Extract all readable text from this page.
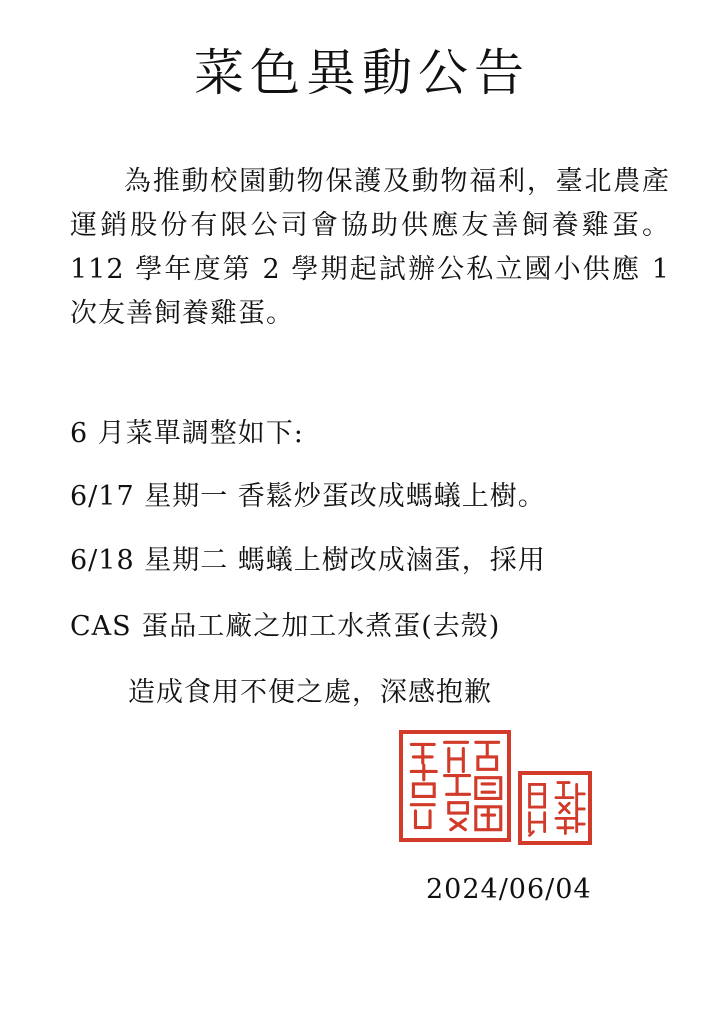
菜色異動公告

為推動校園動物保護及動物福利，臺北農產運銷股份有限公司會協助供應友善飼養雞蛋。112 學年度第 2 學期起試辦公私立國小供應 1 次友善飼養雞蛋。

6 月菜單調整如下:

6/17 星期一 香鬆炒蛋改成螞蟻上樹。

6/18 星期二 螞蟻上樹改成滷蛋，採用

CAS 蛋品工廠之加工水煮蛋(去殼)

造成食用不便之處，深感抱歉

2024/06/04
